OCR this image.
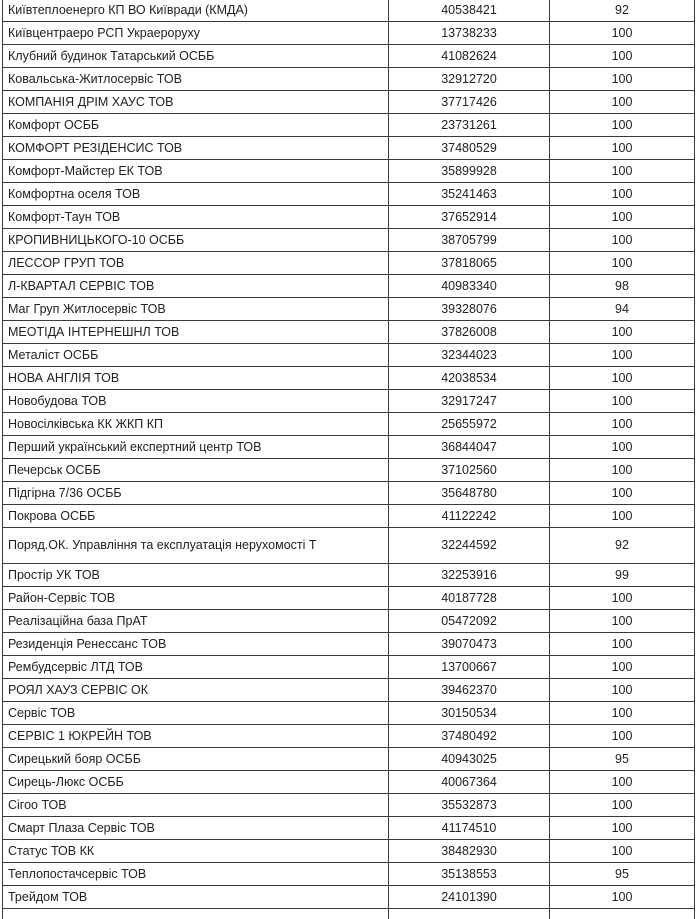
Київтеплоенерго КП ВО Київради (КМДА)	40538421	92
Київцентраеро РСП Украероруху	13738233	100
Клубний будинок Татарський ОСББ	41082624	100
Ковальська-Житлосервіс ТОВ	32912720	100
КОМПАНІЯ ДРІМ ХАУС ТОВ	37717426	100
Комфорт ОСББ	23731261	100
КОМФОРТ РЕЗІДЕНСИС ТОВ	37480529	100
Комфорт-Майстер ЕК ТОВ	35899928	100
Комфортна оселя ТОВ	35241463	100
Комфорт-Таун ТОВ	37652914	100
КРОПИВНИЦЬКОГО-10 ОСББ	38705799	100
ЛЕССОР ГРУП ТОВ	37818065	100
Л-КВАРТАЛ СЕРВІС ТОВ	40983340	98
Маг Груп Житлосервіс ТОВ	39328076	94
МЕОТІДА ІНТЕРНЕШНЛ ТОВ	37826008	100
Металіст ОСББ	32344023	100
НОВА АНГЛІЯ ТОВ	42038534	100
Новобудова ТОВ	32917247	100
Новосілківська КК ЖКП КП	25655972	100
Перший український експертний центр ТОВ	36844047	100
Печерськ ОСББ	37102560	100
Підгірна 7/36 ОСББ	35648780	100
Покрова ОСББ	41122242	100
Поряд.ОК. Управління та експлуатація нерухомості Т	32244592	92
Простір УК ТОВ	32253916	99
Район-Сервіс ТОВ	40187728	100
Реалізаційна база ПрАТ	05472092	100
Резиденція Ренессанс ТОВ	39070473	100
Рембудсервіс ЛТД ТОВ	13700667	100
РОЯЛ ХАУЗ СЕРВІС ОК	39462370	100
Сервіс ТОВ	30150534	100
СЕРВІС 1 ЮКРЕЙН ТОВ	37480492	100
Сирецький бояр ОСББ	40943025	95
Сирець-Люкс ОСББ	40067364	100
Сігоо ТОВ	35532873	100
Смарт Плаза Сервіс ТОВ	41174510	100
Статус ТОВ КК	38482930	100
Теплопостачсервіс ТОВ	35138553	95
Трейдом ТОВ	24101390	100
